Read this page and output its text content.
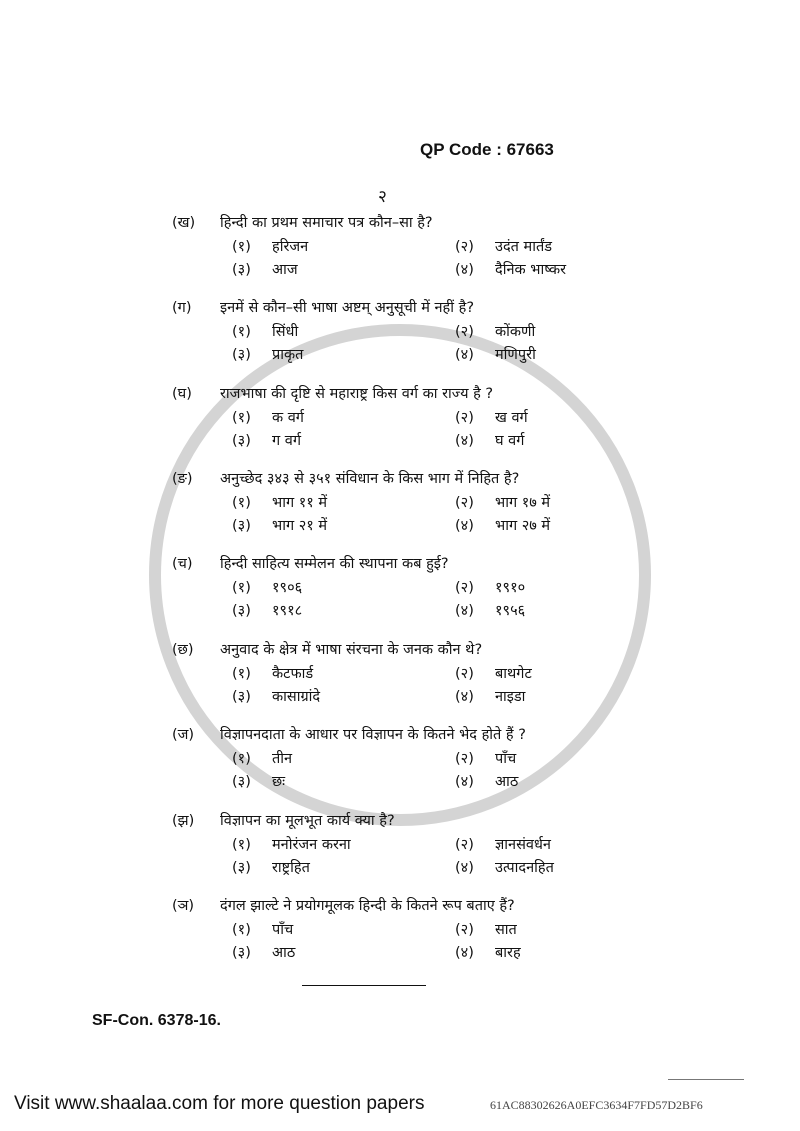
QP Code : 67663
२
(ख) हिन्दी का प्रथम समाचार पत्र कौन–सा है?
(१) हरिजन	(२) उदंत मार्तंड
(३) आज	(४) दैनिक भाष्कर
(ग) इनमें से कौन–सी भाषा अष्टम् अनुसूची में नहीं है?
(१) सिंधी	(२) कोंकणी
(३) प्राकृत	(४) मणिपुरी
(घ) राजभाषा की दृष्टि से महाराष्ट्र किस वर्ग का राज्य है ?
(१) क वर्ग	(२) ख वर्ग
(३) ग वर्ग	(४) घ वर्ग
(ङ) अनुच्छेद ३४३ से ३५१ संविधान के किस भाग में निहित है?
(१) भाग ११ में	(२) भाग १७ में
(३) भाग २१ में	(४) भाग २७ में
(च) हिन्दी साहित्य सम्मेलन की स्थापना कब हुई?
(१) १९०६	(२) १९१०
(३) १९१८	(४) १९५६
(छ) अनुवाद के क्षेत्र में भाषा संरचना के जनक कौन थे?
(१) कैटफार्ड	(२) बाथगेट
(३) कासाग्रांदे	(४) नाइडा
(ज) विज्ञापनदाता के आधार पर विज्ञापन के कितने भेद होते हैं ?
(१) तीन	(२) पाँच
(३) छः	(४) आठ
(झ) विज्ञापन का मूलभूत कार्य क्या है?
(१) मनोरंजन करना	(२) ज्ञानसंवर्धन
(३) राष्ट्रहित	(४) उत्पादनहित
(ञ) दंगल झाल्टे ने प्रयोगमूलक हिन्दी के कितने रूप बताए हैं?
(१) पाँच	(२) सात
(३) आठ	(४) बारह
SF-Con. 6378-16.
Visit www.shaalaa.com for more question papers	61AC88302626A0EFC3634F7FD57D2BF6
